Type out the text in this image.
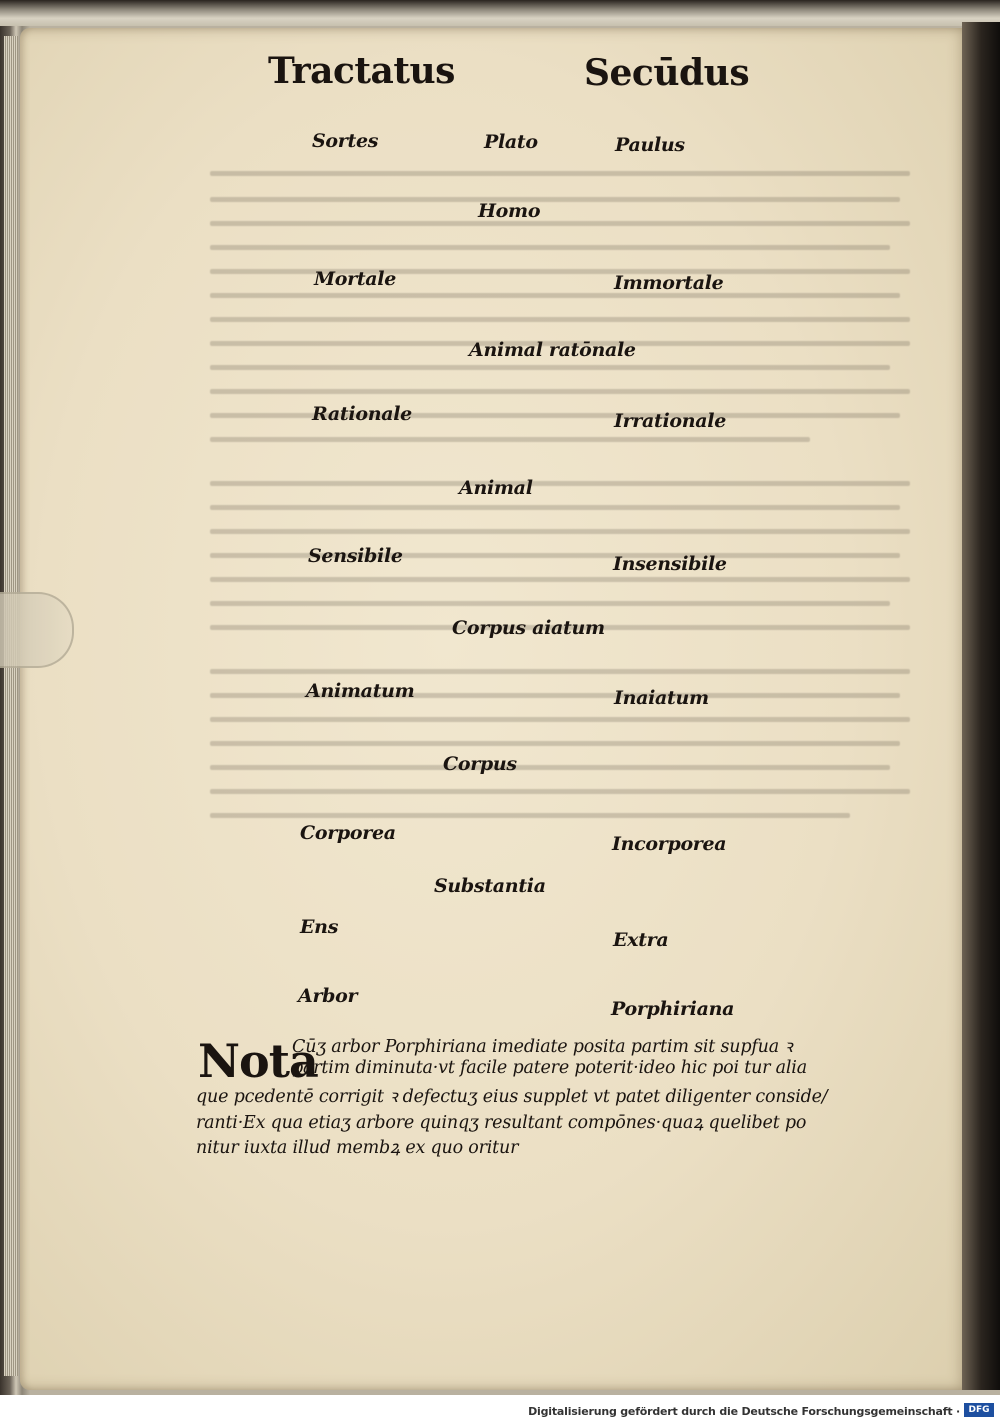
Tractatus	Secūdus
Sortes	Plato	Paulus
Homo
Mortale	Immortale
Animal ratōnale
Rationale	Irrationale
Animal
Sensibile	Insensibile
Corpus aiatum
Animatum	Inaiatum
Corpus
Corporea	Incorporea
Substantia
Ens
Extra
Arbor
Porphiriana
Nota
Cūʒ arbor Porphiriana imediate posita partim sit supfua ꝛ
partim diminuta·vt facile patere poterit·ideo hic poi tur alia
que pcedentē corrigit ꝛ defectuʒ eius supplet vt patet diligenter conside/
ranti·Ex qua etiaʒ arbore quinqʒ resultant compōnes·quaꝝ quelibet po
nitur iuxta illud membꝝ ex quo oritur
Digitalisierung gefördert durch die Deutsche Forschungsgemeinschaft · DFG
